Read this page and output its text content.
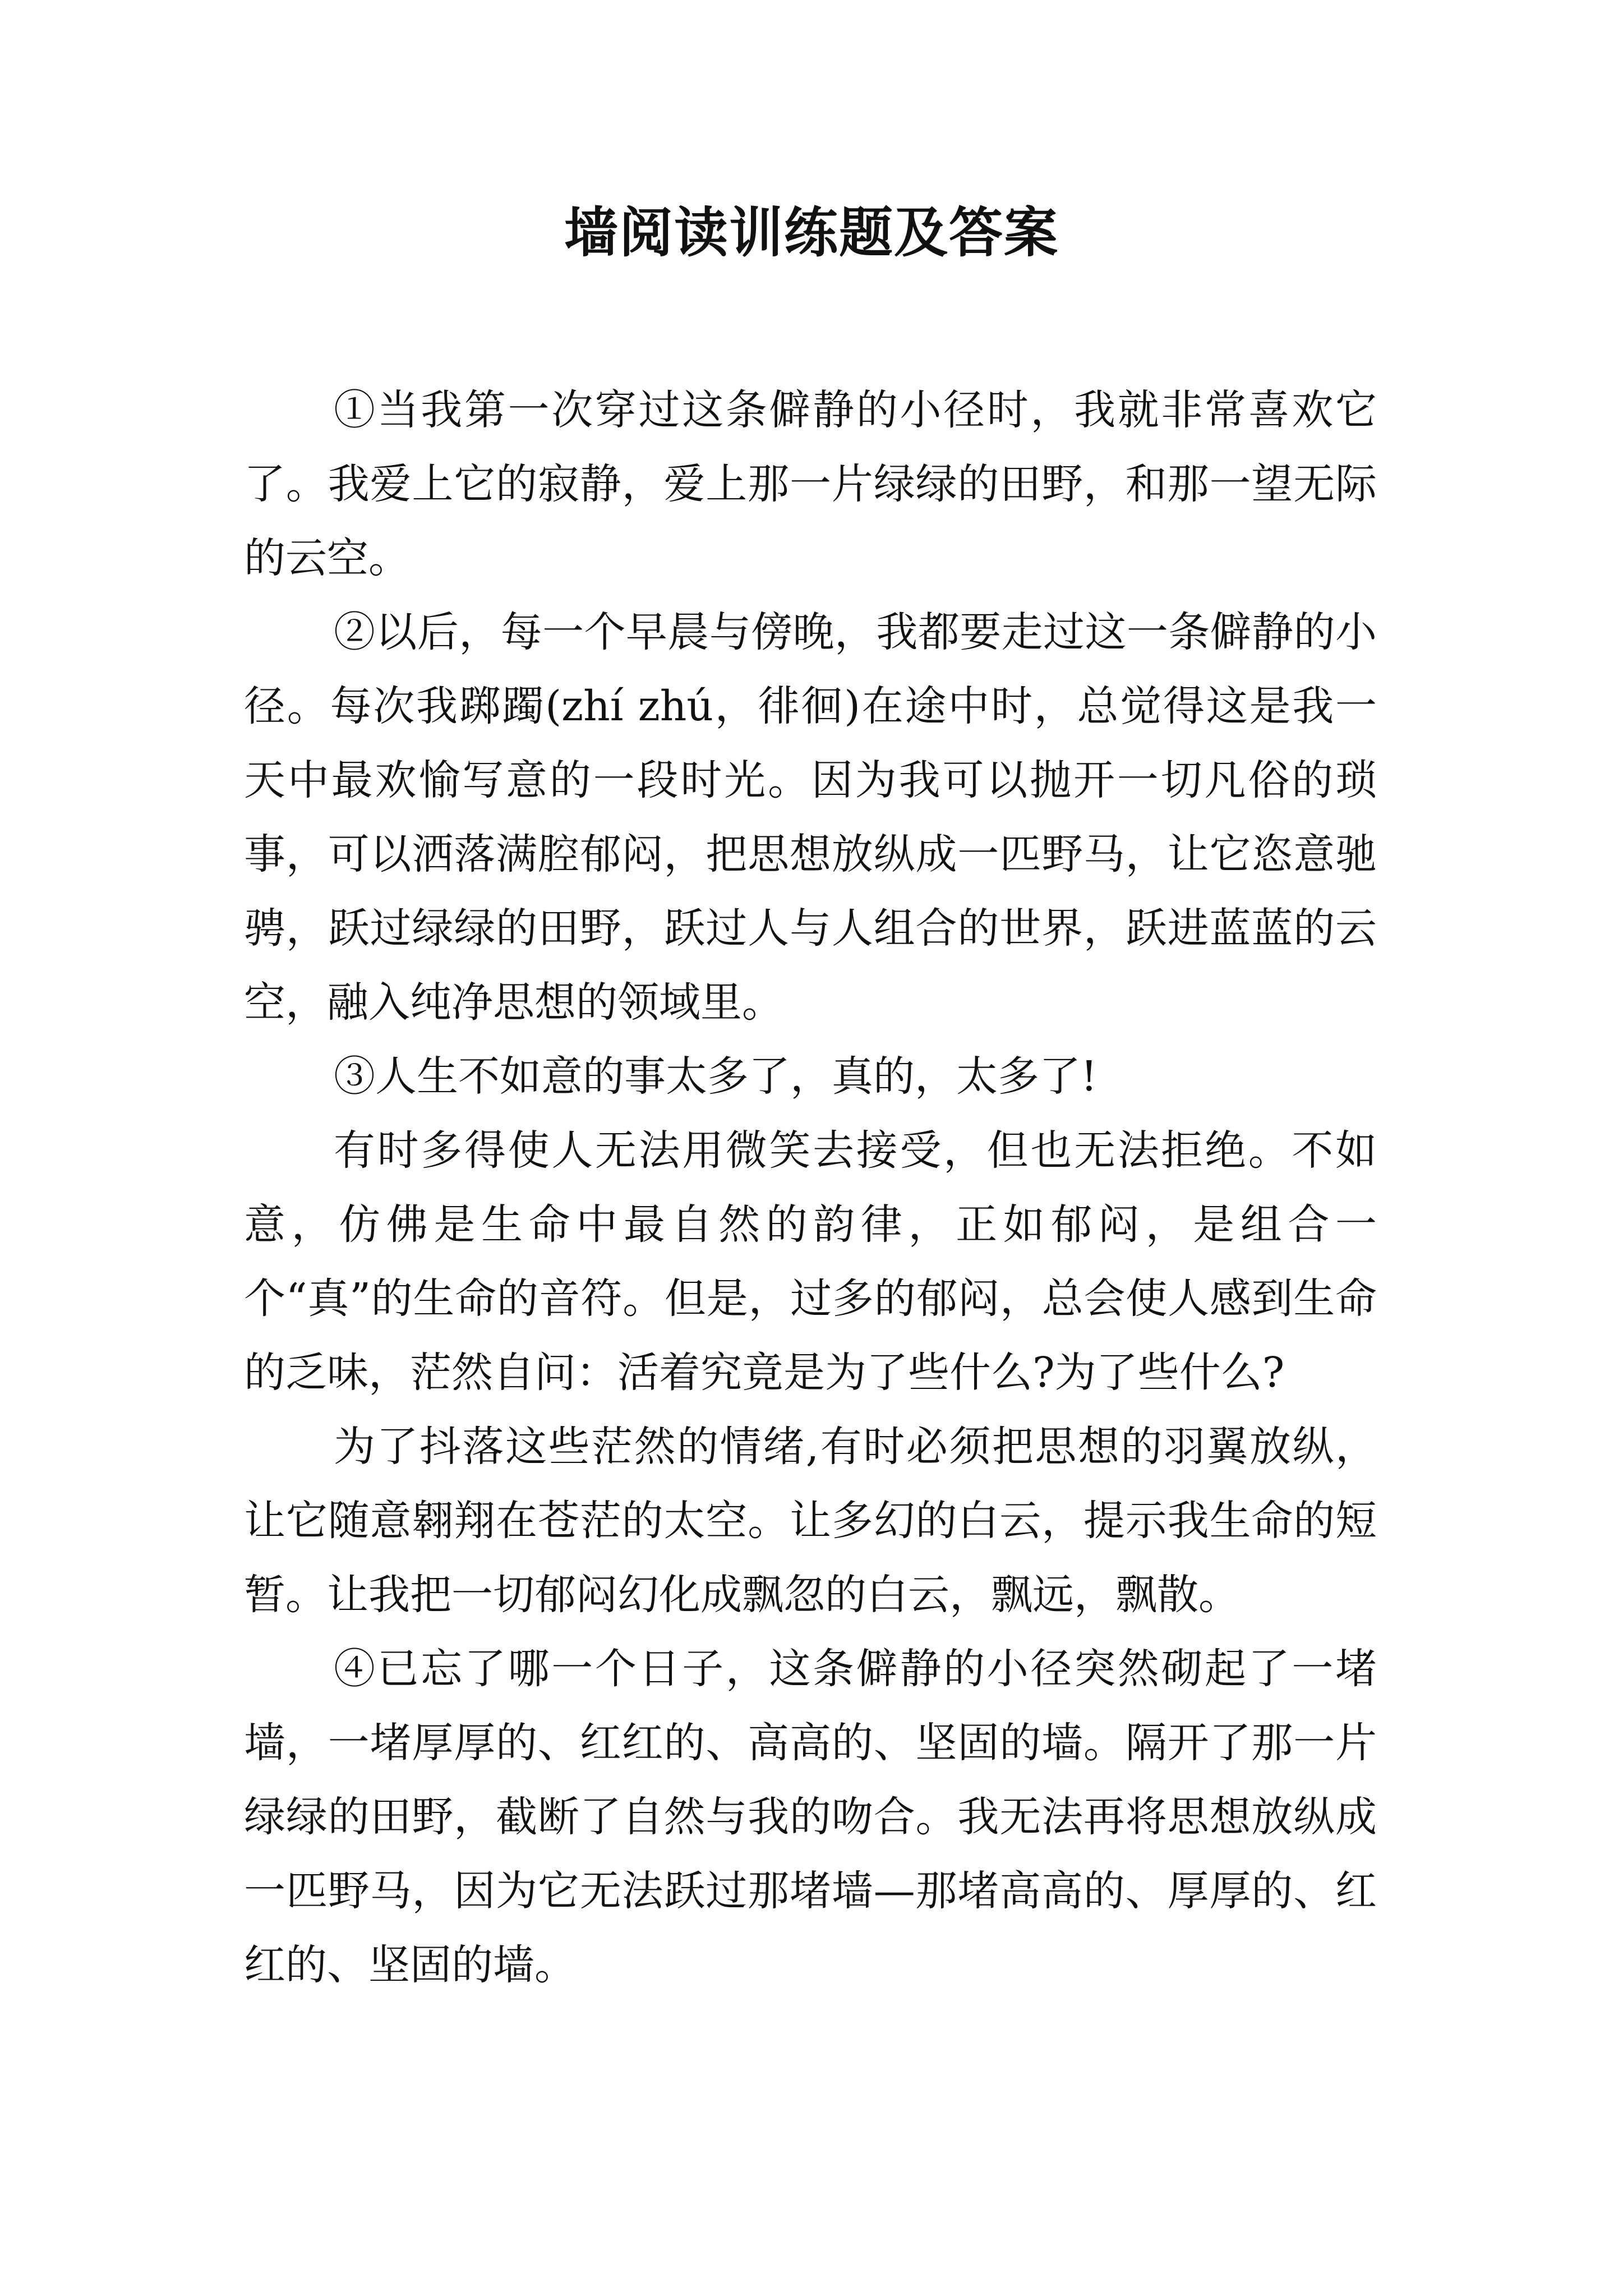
墙阅读训练题及答案

①当我第一次穿过这条僻静的小径时，我就非常喜欢它了。我爱上它的寂静，爱上那一片绿绿的田野，和那一望无际的云空。

②以后，每一个早晨与傍晚，我都要走过这一条僻静的小径。每次我踯躅(zhí zhú，徘徊)在途中时，总觉得这是我一天中最欢愉写意的一段时光。因为我可以抛开一切凡俗的琐事，可以洒落满腔郁闷，把思想放纵成一匹野马，让它恣意驰骋，跃过绿绿的田野，跃过人与人组合的世界，跃进蓝蓝的云空，融入纯净思想的领域里。

③人生不如意的事太多了，真的，太多了!

有时多得使人无法用微笑去接受，但也无法拒绝。不如意，仿佛是生命中最自然的韵律，正如郁闷，是组合一个“真”的生命的音符。但是，过多的郁闷，总会使人感到生命的乏味，茫然自问：活着究竟是为了些什么?为了些什么?

为了抖落这些茫然的情绪,有时必须把思想的羽翼放纵，让它随意翱翔在苍茫的太空。让多幻的白云，提示我生命的短暂。让我把一切郁闷幻化成飘忽的白云，飘远，飘散。

④已忘了哪一个日子，这条僻静的小径突然砌起了一堵墙，一堵厚厚的、红红的、高高的、坚固的墙。隔开了那一片绿绿的田野，截断了自然与我的吻合。我无法再将思想放纵成一匹野马，因为它无法跃过那堵墙—那堵高高的、厚厚的、红红的、坚固的墙。
